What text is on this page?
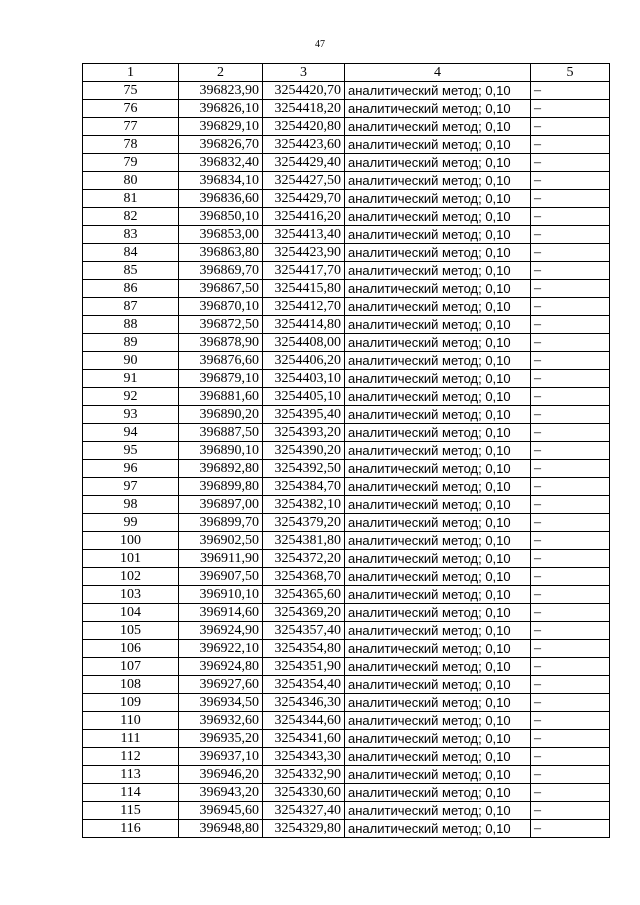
47
1	2	3	4	5
75	396823,90	3254420,70	аналитический метод; 0,10	–
76	396826,10	3254418,20	аналитический метод; 0,10	–
77	396829,10	3254420,80	аналитический метод; 0,10	–
78	396826,70	3254423,60	аналитический метод; 0,10	–
79	396832,40	3254429,40	аналитический метод; 0,10	–
80	396834,10	3254427,50	аналитический метод; 0,10	–
81	396836,60	3254429,70	аналитический метод; 0,10	–
82	396850,10	3254416,20	аналитический метод; 0,10	–
83	396853,00	3254413,40	аналитический метод; 0,10	–
84	396863,80	3254423,90	аналитический метод; 0,10	–
85	396869,70	3254417,70	аналитический метод; 0,10	–
86	396867,50	3254415,80	аналитический метод; 0,10	–
87	396870,10	3254412,70	аналитический метод; 0,10	–
88	396872,50	3254414,80	аналитический метод; 0,10	–
89	396878,90	3254408,00	аналитический метод; 0,10	–
90	396876,60	3254406,20	аналитический метод; 0,10	–
91	396879,10	3254403,10	аналитический метод; 0,10	–
92	396881,60	3254405,10	аналитический метод; 0,10	–
93	396890,20	3254395,40	аналитический метод; 0,10	–
94	396887,50	3254393,20	аналитический метод; 0,10	–
95	396890,10	3254390,20	аналитический метод; 0,10	–
96	396892,80	3254392,50	аналитический метод; 0,10	–
97	396899,80	3254384,70	аналитический метод; 0,10	–
98	396897,00	3254382,10	аналитический метод; 0,10	–
99	396899,70	3254379,20	аналитический метод; 0,10	–
100	396902,50	3254381,80	аналитический метод; 0,10	–
101	396911,90	3254372,20	аналитический метод; 0,10	–
102	396907,50	3254368,70	аналитический метод; 0,10	–
103	396910,10	3254365,60	аналитический метод; 0,10	–
104	396914,60	3254369,20	аналитический метод; 0,10	–
105	396924,90	3254357,40	аналитический метод; 0,10	–
106	396922,10	3254354,80	аналитический метод; 0,10	–
107	396924,80	3254351,90	аналитический метод; 0,10	–
108	396927,60	3254354,40	аналитический метод; 0,10	–
109	396934,50	3254346,30	аналитический метод; 0,10	–
110	396932,60	3254344,60	аналитический метод; 0,10	–
111	396935,20	3254341,60	аналитический метод; 0,10	–
112	396937,10	3254343,30	аналитический метод; 0,10	–
113	396946,20	3254332,90	аналитический метод; 0,10	–
114	396943,20	3254330,60	аналитический метод; 0,10	–
115	396945,60	3254327,40	аналитический метод; 0,10	–
116	396948,80	3254329,80	аналитический метод; 0,10	–
